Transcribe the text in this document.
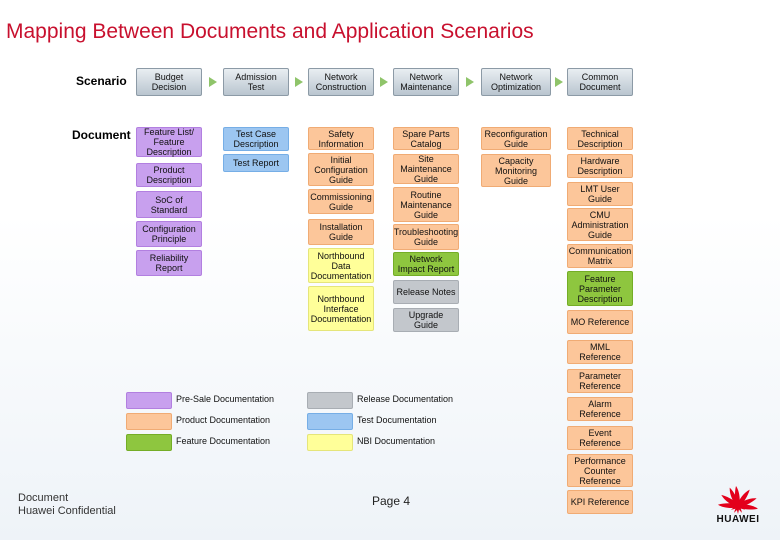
Mapping Between Documents and Application Scenarios
Scenario
Document
Budget Decision
Admission Test
Network Construction
Network Maintenance
Network Optimization
Common Document
Feature List/ Feature Description
Product Description
SoC of Standard
Configuration Principle
Reliability Report
Test Case Description
Test Report
Safety Information
Initial Configuration Guide
Commissioning Guide
Installation Guide
Northbound Data Documentation
Northbound Interface Documentation
Spare Parts Catalog
Site Maintenance Guide
Routine Maintenance Guide
Troubleshooting Guide
Network Impact Report
Release Notes
Upgrade Guide
Reconfiguration Guide
Capacity Monitoring Guide
Technical Description
Hardware Description
LMT User Guide
CMU Administration Guide
Communication Matrix
Feature Parameter Description
MO Reference
MML Reference
Parameter Reference
Alarm Reference
Event Reference
Performance Counter Reference
KPI Reference
Pre-Sale Documentation
Product Documentation
Feature Documentation
Release Documentation
Test Documentation
NBI Documentation
Document
Huawei Confidential
Page 4
HUAWEI
